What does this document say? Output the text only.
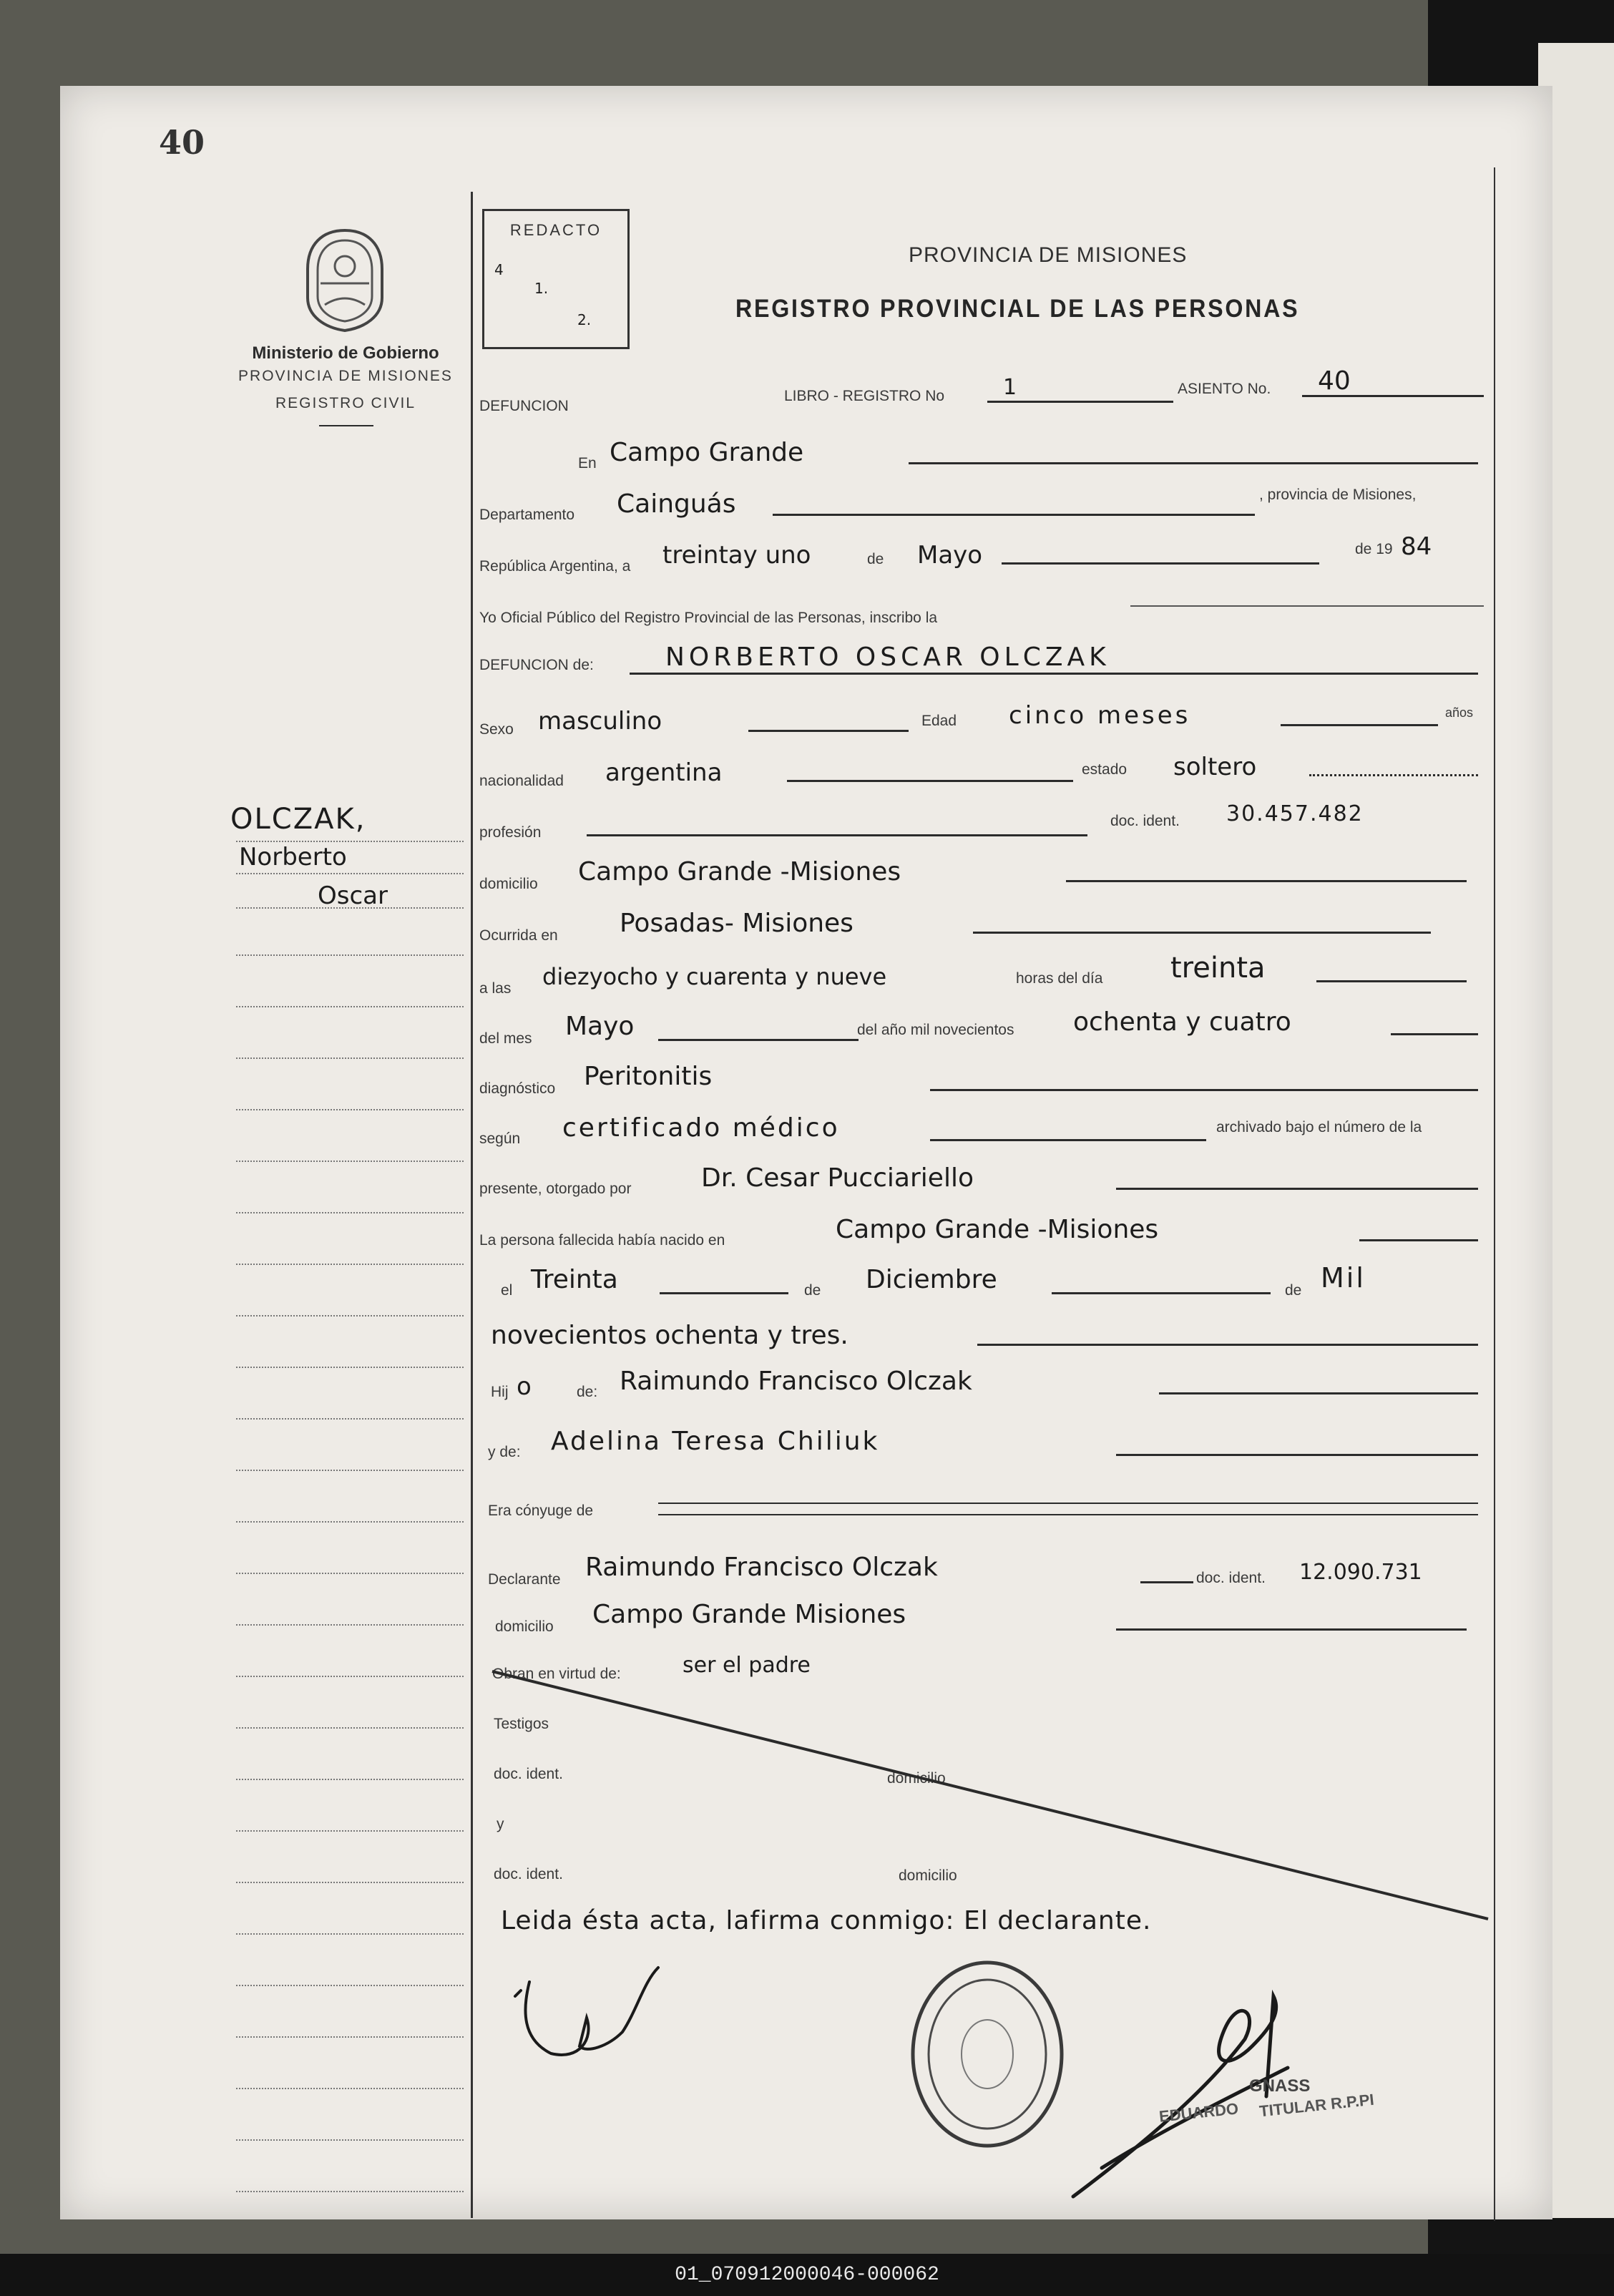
40
Ministerio de Gobierno
PROVINCIA DE MISIONES
REGISTRO CIVIL
REDACTO
4
1.
2.
PROVINCIA DE MISIONES
REGISTRO PROVINCIAL DE LAS PERSONAS
OLCZAK,
Norberto
Oscar
DEFUNCION
LIBRO - REGISTRO No	1	ASIENTO No. 40
En Campo Grande
Departamento Cainguás	, provincia de Misiones,
República Argentina, a treintay uno	de Mayo	de 19 84
Yo Oficial Público del Registro Provincial de las Personas, inscribo la
DEFUNCION de:	NORBERTO OSCAR OLCZAK
Sexo masculino	Edad cinco meses	años
nacionalidad argentina	estado soltero
profesión
doc. ident. 30.457.482
domicilio Campo Grande -Misiones
Ocurrida en Posadas- Misiones
a las diezyocho y cuarenta y nueve	horas del día treinta
del mes Mayo	del año mil novecientos ochenta y cuatro
diagnóstico Peritonitis
según certificado médico	archivado bajo el número de la
presente, otorgado por	Dr. Cesar Pucciariello
La persona fallecida había nacido en	Campo Grande -Misiones
el Treinta	de Diciembre	de Mil
novecientos ochenta y tres.
Hij o	de: Raimundo Francisco Olczak
y de: Adelina Teresa Chiliuk
Era cónyuge de
Declarante Raimundo Francisco Olczak	doc. ident. 12.090.731
domicilio Campo Grande Misiones
Obran en virtud de:	ser el padre
Testigos
doc. ident.	domicilio
y
doc. ident.	domicilio
Leida ésta acta, lafirma conmigo: El declarante.
GNASS
EDUARDO TITULAR R.P.PI
01_070912000046-000062
